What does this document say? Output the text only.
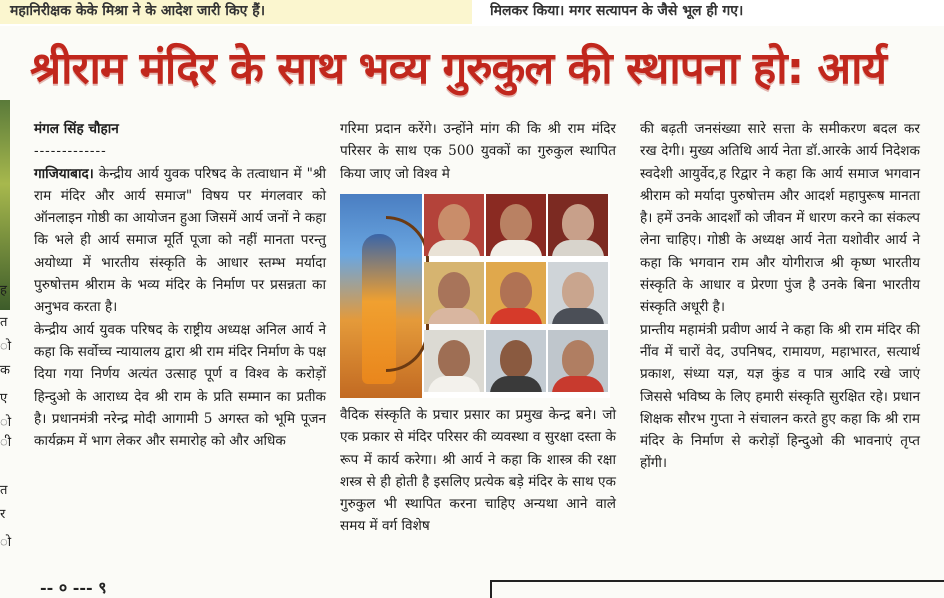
महानिरीक्षक केके मिश्रा ने के आदेश जारी किए हैं।	मिलकर किया। मगर सत्यापन के जैसे भूल ही गए।
ह
त
ो
क
ए
ो
ी
त
र
ो
श्रीराम मंदिर के साथ भव्य गुरुकुल की स्थापना हो: आर्य

मंगल सिंह चौहान

-------------

गाजियाबाद। केन्द्रीय आर्य युवक परिषद के तत्वाधान में "श्री राम मंदिर और आर्य समाज" विषय पर मंगलवार को ऑनलाइन गोष्ठी का आयोजन हुआ जिसमें आर्य जनों ने कहा कि भले ही आर्य समाज मूर्ति पूजा को नहीं मानता परन्तु अयोध्या में भारतीय संस्कृति के आधार स्तम्भ मर्यादा पुरुषोत्तम श्रीराम के भव्य मंदिर के निर्माण पर प्रसन्नता का अनुभव करता है।

केन्द्रीय आर्य युवक परिषद के राष्ट्रीय अध्यक्ष अनिल आर्य ने कहा कि सर्वोच्च न्यायालय द्वारा श्री राम मंदिर निर्माण के पक्ष दिया गया निर्णय अत्यंत उत्साह पूर्ण व विश्व के करोड़ों हिन्दुओ के आराध्य देव श्री राम के प्रति सम्मान का प्रतीक है। प्रधानमंत्री नरेन्द्र मोदी आगामी 5 अगस्त को भूमि पूजन कार्यक्रम में भाग लेकर और समारोह को और अधिक

गरिमा प्रदान करेंगे। उन्होंने मांग की कि श्री राम मंदिर परिसर के साथ एक 500 युवकों का गुरुकुल स्थापित किया जाए जो विश्व मे

वैदिक संस्कृति के प्रचार प्रसार का प्रमुख केन्द्र बने। जो एक प्रकार से मंदिर परिसर की व्यवस्था व सुरक्षा दस्ता के रूप में कार्य करेगा। श्री आर्य ने कहा कि शास्त्र की रक्षा शस्त्र से ही होती है इसलिए प्रत्येक बड़े मंदिर के साथ एक गुरुकुल भी स्थापित करना चाहिए अन्यथा आने वाले समय में वर्ग विशेष

की बढ़ती जनसंख्या सारे सत्ता के समीकरण बदल कर रख देगी। मुख्य अतिथि आर्य नेता डॉ.आरके आर्य निदेशक स्वदेशी आयुर्वेद,ह रिद्वार ने कहा कि आर्य समाज भगवान श्रीराम को मर्यादा पुरुषोत्तम और आदर्श महापुरूष मानता है। हमें उनके आदर्शों को जीवन में धारण करने का संकल्प लेना चाहिए। गोष्ठी के अध्यक्ष आर्य नेता यशोवीर आर्य ने कहा कि भगवान राम और योगीराज श्री कृष्ण भारतीय संस्कृति के आधार व प्रेरणा पुंज है उनके बिना भारतीय संस्कृति अधूरी है।

प्रान्तीय महामंत्री प्रवीण आर्य ने कहा कि श्री राम मंदिर की नींव में चारों वेद, उपनिषद, रामायण, महाभारत, सत्यार्थ प्रकाश, संध्या यज्ञ, यज्ञ कुंड व पात्र आदि रखे जाएं जिससे भविष्य के लिए हमारी संस्कृति सुरक्षित रहे। प्रधान शिक्षक सौरभ गुप्ता ने संचालन करते हुए कहा कि श्री राम मंदिर के निर्माण से करोड़ों हिन्दुओ की भावनाएं तृप्त होंगी।

-- ० --- ९
